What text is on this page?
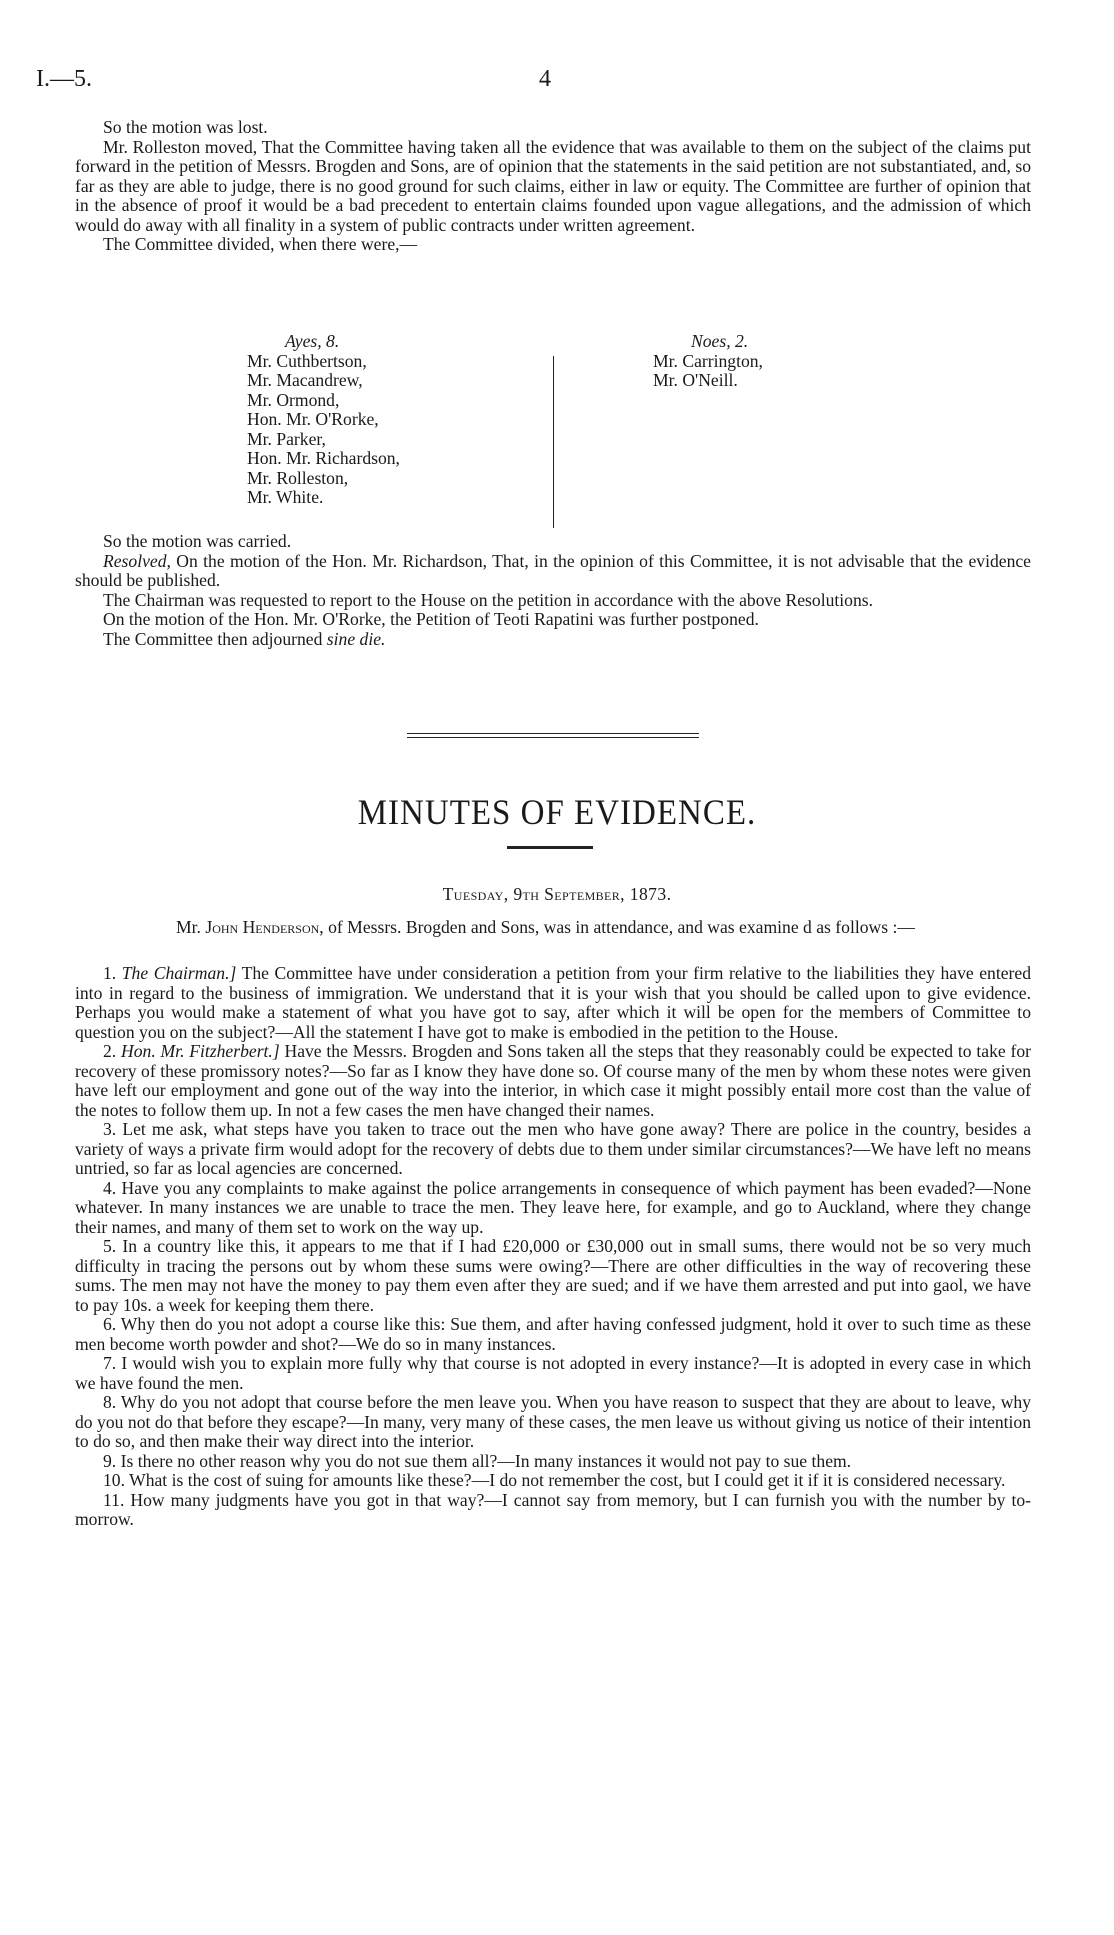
I.—5.	4

So the motion was lost.

Mr. Rolleston moved, That the Committee having taken all the evidence that was available to them on the subject of the claims put forward in the petition of Messrs. Brogden and Sons, are of opinion that the statements in the said petition are not substantiated, and, so far as they are able to judge, there is no good ground for such claims, either in law or equity. The Committee are further of opinion that in the absence of proof it would be a bad precedent to entertain claims founded upon vague allegations, and the admission of which would do away with all finality in a system of public contracts under written agreement.

The Committee divided, when there were,—

Ayes, 8.
Mr. Cuthbertson,
Mr. Macandrew,
Mr. Ormond,
Hon. Mr. O'Rorke,
Mr. Parker,
Hon. Mr. Richardson,
Mr. Rolleston,
Mr. White.
Noes, 2.
Mr. Carrington,
Mr. O'Neill.

So the motion was carried.

Resolved, On the motion of the Hon. Mr. Richardson, That, in the opinion of this Committee, it is not advisable that the evidence should be published.

The Chairman was requested to report to the House on the petition in accordance with the above Resolutions.

On the motion of the Hon. Mr. O'Rorke, the Petition of Teoti Rapatini was further postponed.

The Committee then adjourned sine die.

MINUTES OF EVIDENCE.
Tuesday, 9th September, 1873.
Mr. John Henderson, of Messrs. Brogden and Sons, was in attendance, and was examine d as follows :—

1. The Chairman.] The Committee have under consideration a petition from your firm relative to the liabilities they have entered into in regard to the business of immigration. We understand that it is your wish that you should be called upon to give evidence. Perhaps you would make a statement of what you have got to say, after which it will be open for the members of Committee to question you on the subject?—All the statement I have got to make is embodied in the petition to the House.

2. Hon. Mr. Fitzherbert.] Have the Messrs. Brogden and Sons taken all the steps that they reasonably could be expected to take for recovery of these promissory notes?—So far as I know they have done so. Of course many of the men by whom these notes were given have left our employment and gone out of the way into the interior, in which case it might possibly entail more cost than the value of the notes to follow them up. In not a few cases the men have changed their names.

3. Let me ask, what steps have you taken to trace out the men who have gone away? There are police in the country, besides a variety of ways a private firm would adopt for the recovery of debts due to them under similar circumstances?—We have left no means untried, so far as local agencies are concerned.

4. Have you any complaints to make against the police arrangements in consequence of which payment has been evaded?—None whatever. In many instances we are unable to trace the men. They leave here, for example, and go to Auckland, where they change their names, and many of them set to work on the way up.

5. In a country like this, it appears to me that if I had £20,000 or £30,000 out in small sums, there would not be so very much difficulty in tracing the persons out by whom these sums were owing?—There are other difficulties in the way of recovering these sums. The men may not have the money to pay them even after they are sued; and if we have them arrested and put into gaol, we have to pay 10s. a week for keeping them there.

6. Why then do you not adopt a course like this: Sue them, and after having confessed judgment, hold it over to such time as these men become worth powder and shot?—We do so in many instances.

7. I would wish you to explain more fully why that course is not adopted in every instance?—It is adopted in every case in which we have found the men.

8. Why do you not adopt that course before the men leave you. When you have reason to suspect that they are about to leave, why do you not do that before they escape?—In many, very many of these cases, the men leave us without giving us notice of their intention to do so, and then make their way direct into the interior.

9. Is there no other reason why you do not sue them all?—In many instances it would not pay to sue them.

10. What is the cost of suing for amounts like these?—I do not remember the cost, but I could get it if it is considered necessary.

11. How many judgments have you got in that way?—I cannot say from memory, but I can furnish you with the number by to-morrow.
